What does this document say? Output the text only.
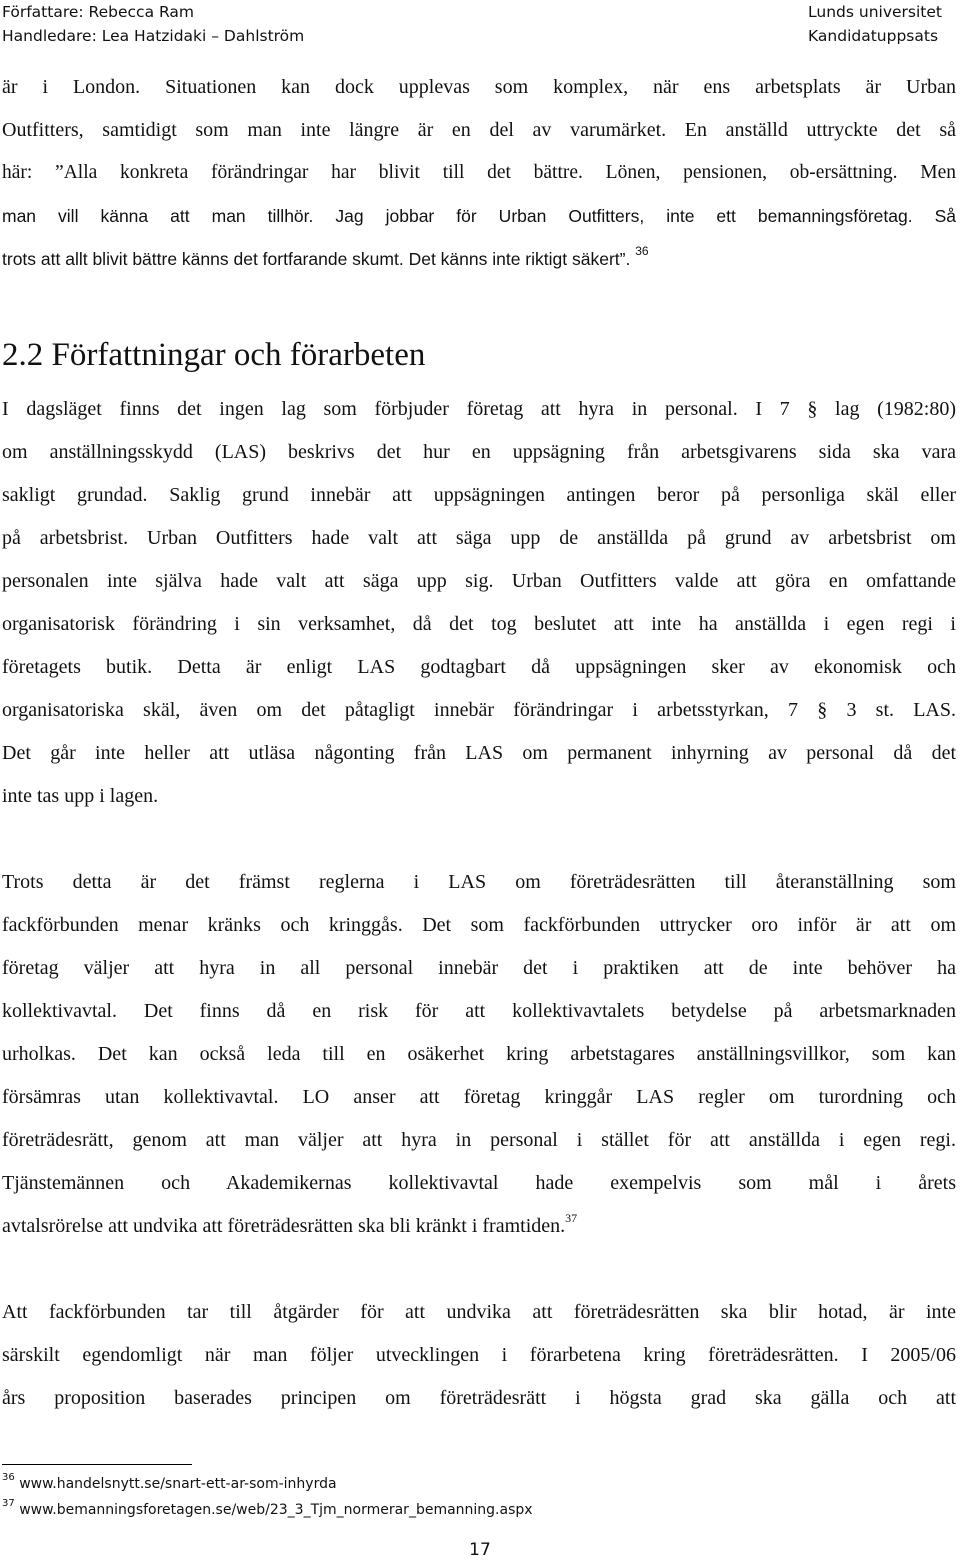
Författare: Rebecca Ram
Handledare: Lea Hatzidaki – Dahlström
Lunds universitet
Kandidatuppsats
är i London. Situationen kan dock upplevas som komplex, när ens arbetsplats är Urban
Outfitters, samtidigt som man inte längre är en del av varumärket. En anställd uttryckte det så
här: ”Alla konkreta förändringar har blivit till det bättre. Lönen, pensionen, ob-ersättning. Men
man vill känna att man tillhör. Jag jobbar för Urban Outfitters, inte ett bemanningsföretag. Så
trots att allt blivit bättre känns det fortfarande skumt. Det känns inte riktigt säkert”. $^{36}$
2.2 Författningar och förarbeten
I dagsläget finns det ingen lag som förbjuder företag att hyra in personal. I 7 § lag (1982:80)
om anställningsskydd (LAS) beskrivs det hur en uppsägning från arbetsgivarens sida ska vara
sakligt grundad. Saklig grund innebär att uppsägningen antingen beror på personliga skäl eller
på arbetsbrist. Urban Outfitters hade valt att säga upp de anställda på grund av arbetsbrist om
personalen inte själva hade valt att säga upp sig. Urban Outfitters valde att göra en omfattande
organisatorisk förändring i sin verksamhet, då det tog beslutet att inte ha anställda i egen regi i
företagets butik. Detta är enligt LAS godtagbart då uppsägningen sker av ekonomisk och
organisatoriska skäl, även om det påtagligt innebär förändringar i arbetsstyrkan, 7 § 3 st. LAS.
Det går inte heller att utläsa någonting från LAS om permanent inhyrning av personal då det
inte tas upp i lagen.
Trots detta är det främst reglerna i LAS om företrädesrätten till återanställning som
fackförbunden menar kränks och kringgås. Det som fackförbunden uttrycker oro inför är att om
företag väljer att hyra in all personal innebär det i praktiken att de inte behöver ha
kollektivavtal. Det finns då en risk för att kollektivavtalets betydelse på arbetsmarknaden
urholkas. Det kan också leda till en osäkerhet kring arbetstagares anställningsvillkor, som kan
försämras utan kollektivavtal. LO anser att företag kringgår LAS regler om turordning och
företrädesrätt, genom att man väljer att hyra in personal i stället för att anställda i egen regi.
Tjänstemännen och Akademikernas kollektivavtal hade exempelvis som mål i årets
avtalsrörelse att undvika att företrädesrätten ska bli kränkt i framtiden.$^{37}$
Att fackförbunden tar till åtgärder för att undvika att företrädesrätten ska blir hotad, är inte
särskilt egendomligt när man följer utvecklingen i förarbetena kring företrädesrätten. I 2005/06
års proposition baserades principen om företrädesrätt i högsta grad ska gälla och att
$^{36}$ www.handelsnytt.se/snart-ett-ar-som-inhyrda
$^{37}$ www.bemanningsforetagen.se/web/23_3_Tjm_normerar_bemanning.aspx
17
